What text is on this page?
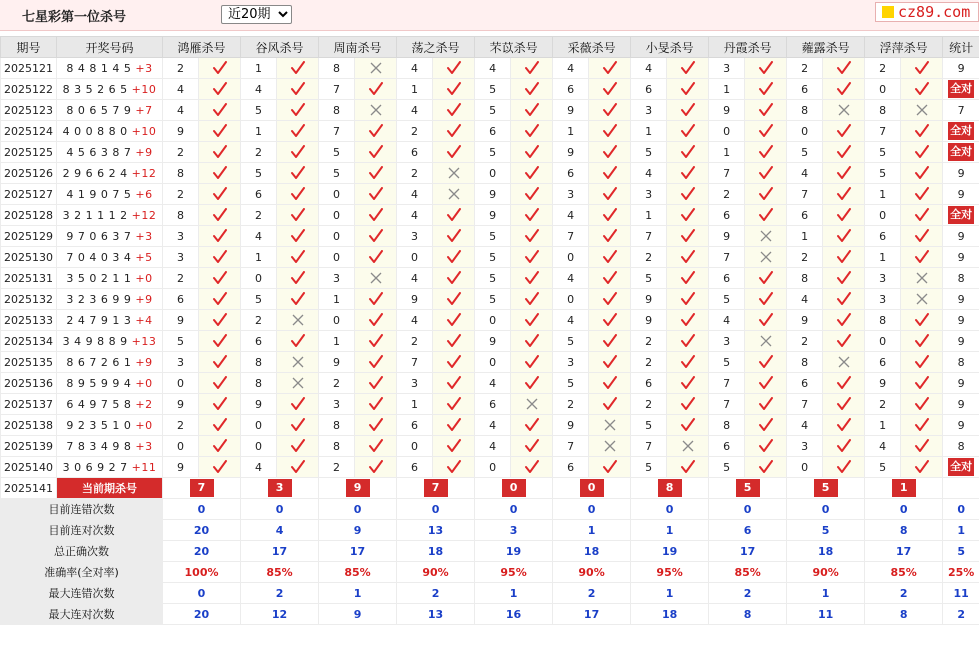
七星彩第一位杀号
近20期	cz89.com
期号	开奖号码	鸿雁杀号		谷风杀号		周南杀号		荡之杀号		芣苡杀号		采薇杀号		小旻杀号		丹霞杀号		蕹露杀号		浮萍杀号		统计
2025121	8 4 8 1 4 5 +3	2		1		8		4		4		4		4		3		2		2		9
2025122	8 3 5 2 6 5 +10	4		4		7		1		5		6		6		1		6		0		全对
2025123	8 0 6 5 7 9 +7	4		5		8		4		5		9		3		9		8		8		7
2025124	4 0 0 8 8 0 +10	9		1		7		2		6		1		1		0		0		7		全对
2025125	4 5 6 3 8 7 +9	2		2		5		6		5		9		5		1		5		5		全对
2025126	2 9 6 6 2 4 +12	8		5		5		2		0		6		4		7		4		5		9
2025127	4 1 9 0 7 5 +6	2		6		0		4		9		3		3		2		7		1		9
2025128	3 2 1 1 1 2 +12	8		2		0		4		9		4		1		6		6		0		全对
2025129	9 7 0 6 3 7 +3	3		4		0		3		5		7		7		9		1		6		9
2025130	7 0 4 0 3 4 +5	3		1		0		0		5		0		2		7		2		1		9
2025131	3 5 0 2 1 1 +0	2		0		3		4		5		4		5		6		8		3		8
2025132	3 2 3 6 9 9 +9	6		5		1		9		5		0		9		5		4		3		9
2025133	2 4 7 9 1 3 +4	9		2		0		4		0		4		9		4		9		8		9
2025134	3 4 9 8 8 9 +13	5		6		1		2		9		5		2		3		2		0		9
2025135	8 6 7 2 6 1 +9	3		8		9		7		0		3		2		5		8		6		8
2025136	8 9 5 9 9 4 +0	0		8		2		3		4		5		6		7		6		9		9
2025137	6 4 9 7 5 8 +2	9		9		3		1		6		2		2		7		7		2		9
2025138	9 2 3 5 1 0 +0	2		0		8		6		4		9		5		8		4		1		9
2025139	7 8 3 4 9 8 +3	0		0		8		0		4		7		7		6		3		4		8
2025140	3 0 6 9 2 7 +11	9		4		2		6		0		6		5		5		0		5		全对
2025141	当前期杀号	7		3		9		7		0		0		8		5		5		1		
目前连错次数		0		0		0		0		0		0		0		0		0		0		0
目前连对次数		20		4		9		13		3		1		1		6		5		8		1
总正确次数		20		17		17		18		19		18		19		17		18		17		5
准确率(全对率)		100%		85%		85%		90%		95%		90%		95%		85%		90%		85%		25%
最大连错次数		0		2		1		2		1		2		1		2		1		2		11
最大连对次数		20		12		9		13		16		17		18		8		11		8		2
